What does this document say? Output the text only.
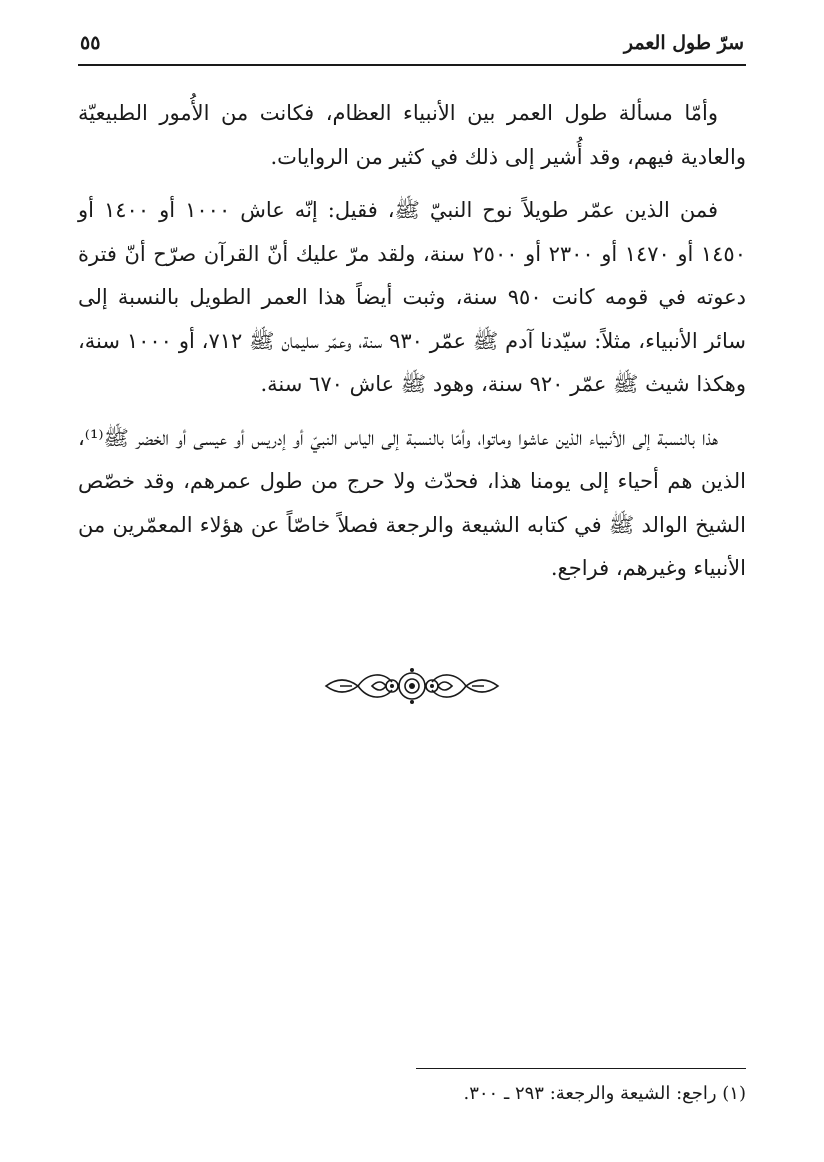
سرّ طول العمر
٥٥

وأمّا مسألة طول العمر بين الأنبياء العظام، فكانت من الأُمور الطبيعيّة والعادية فيهم، وقد أُشير إلى ذلك في كثير من الروايات.

فمن الذين عمّر طويلاً نوح النبيّ ﷺ، فقيل: إنّه عاش ١٠٠٠ أو ١٤٠٠ أو ١٤٥٠ أو ١٤٧٠ أو ٢٣٠٠ أو ٢٥٠٠ سنة، ولقد مرّ عليك أنّ القرآن صرّح أنّ فترة دعوته في قومه كانت ٩٥٠ سنة، وثبت أيضاً هذا العمر الطويل بالنسبة إلى سائر الأنبياء، مثلاً: سيّدنا آدم ﷺ عمّر ٩٣٠ سنة، وعمّر سليمان ﷺ ٧١٢، أو ١٠٠٠ سنة، وهكذا شيث ﷺ عمّر ٩٢٠ سنة، وهود ﷺ عاش ٦٧٠ سنة.

هذا بالنسبة إلى الأنبياء الذين عاشوا وماتوا، وأمّا بالنسبة إلى الياس النبيّ أو إدريس أو عيسى أو الخضر ﷺ⁽¹⁾، الذين هم أحياء إلى يومنا هذا، فحدّث ولا حرج من طول عمرهم، وقد خصّص الشيخ الوالد ﷺ في كتابه الشيعة والرجعة فصلاً خاصّاً عن هؤلاء المعمّرين من الأنبياء وغيرهم، فراجع.

(١) راجع: الشيعة والرجعة: ٢٩٣ ـ ٣٠٠.
